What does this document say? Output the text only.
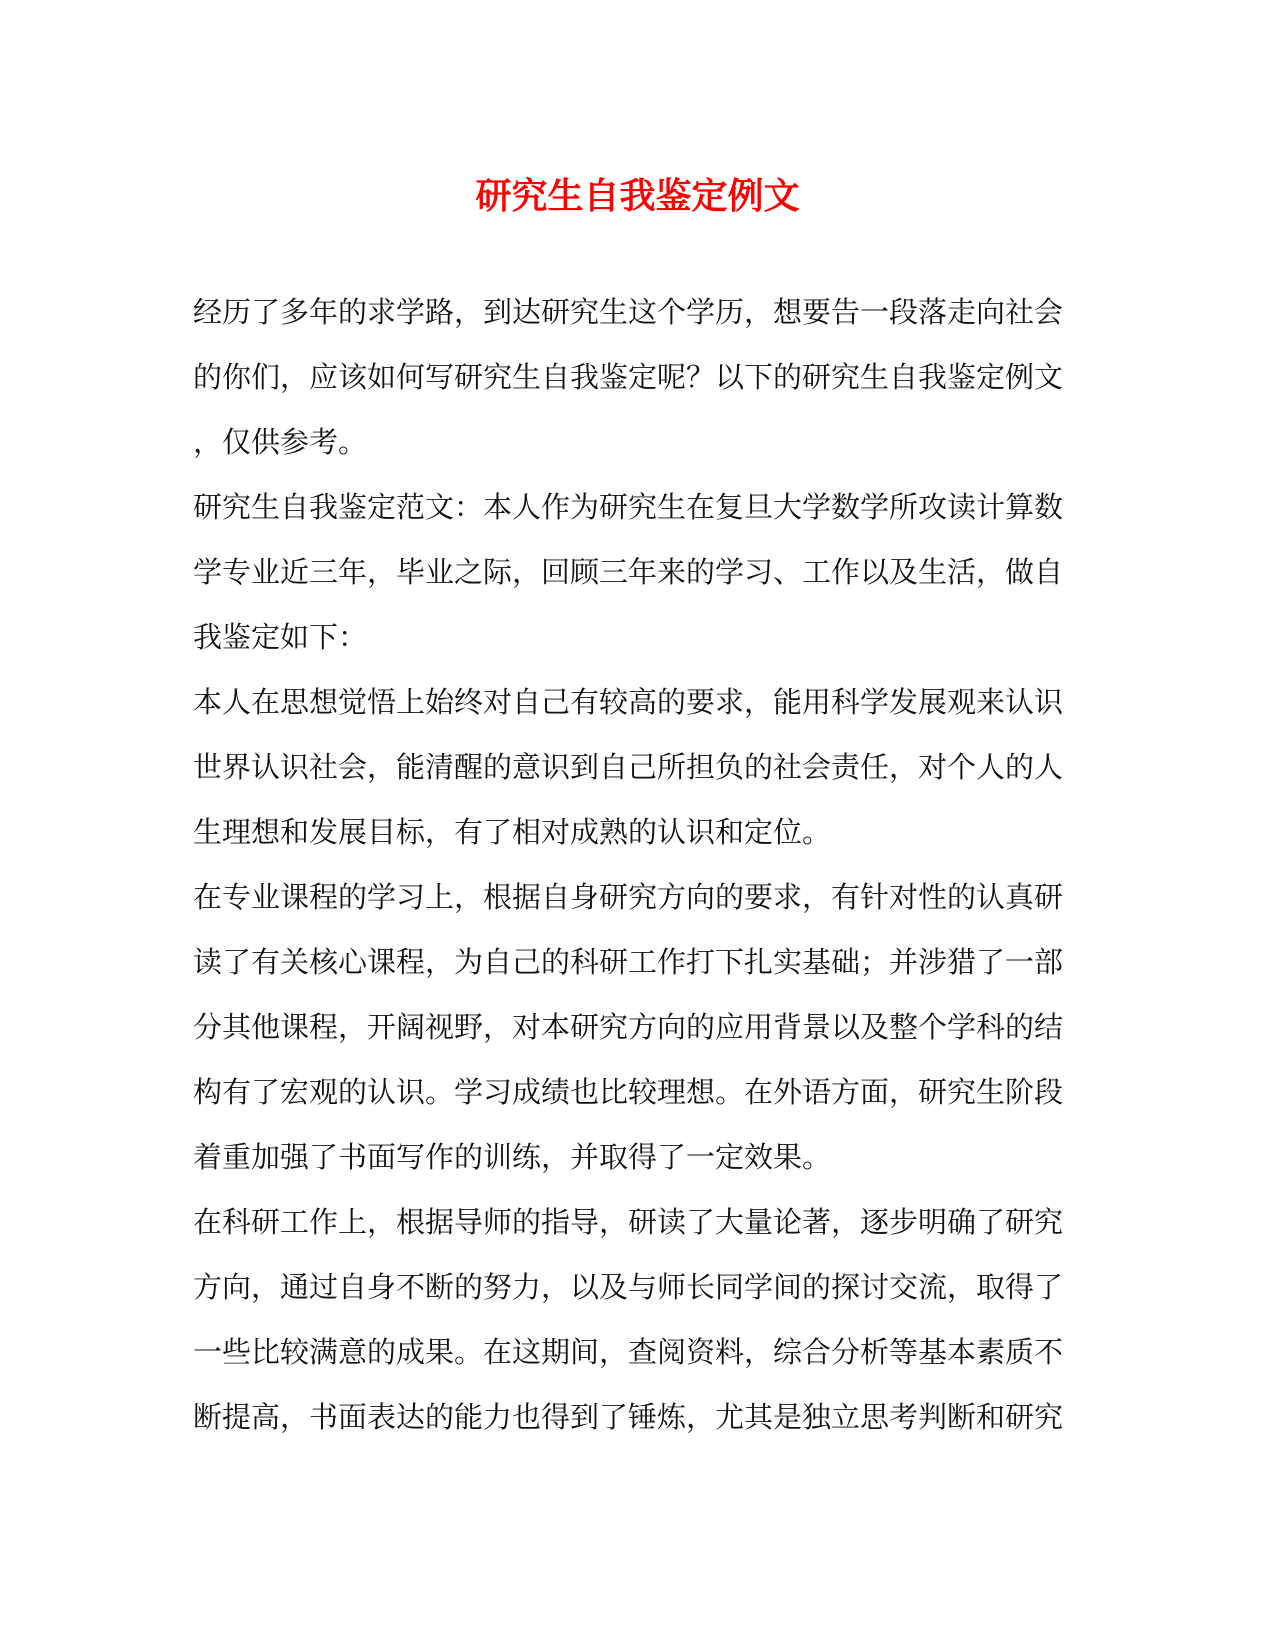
研究生自我鉴定例文
经历了多年的求学路，到达研究生这个学历，想要告一段落走向社会
的你们，应该如何写研究生自我鉴定呢？以下的研究生自我鉴定例文
，仅供参考。
研究生自我鉴定范文：本人作为研究生在复旦大学数学所攻读计算数
学专业近三年，毕业之际，回顾三年来的学习、工作以及生活，做自
我鉴定如下：
本人在思想觉悟上始终对自己有较高的要求，能用科学发展观来认识
世界认识社会，能清醒的意识到自己所担负的社会责任，对个人的人
生理想和发展目标，有了相对成熟的认识和定位。
在专业课程的学习上，根据自身研究方向的要求，有针对性的认真研
读了有关核心课程，为自己的科研工作打下扎实基础；并涉猎了一部
分其他课程，开阔视野，对本研究方向的应用背景以及整个学科的结
构有了宏观的认识。学习成绩也比较理想。在外语方面，研究生阶段
着重加强了书面写作的训练，并取得了一定效果。
在科研工作上，根据导师的指导，研读了大量论著，逐步明确了研究
方向，通过自身不断的努力，以及与师长同学间的探讨交流，取得了
一些比较满意的成果。在这期间，查阅资料，综合分析等基本素质不
断提高，书面表达的能力也得到了锤炼，尤其是独立思考判断和研究
